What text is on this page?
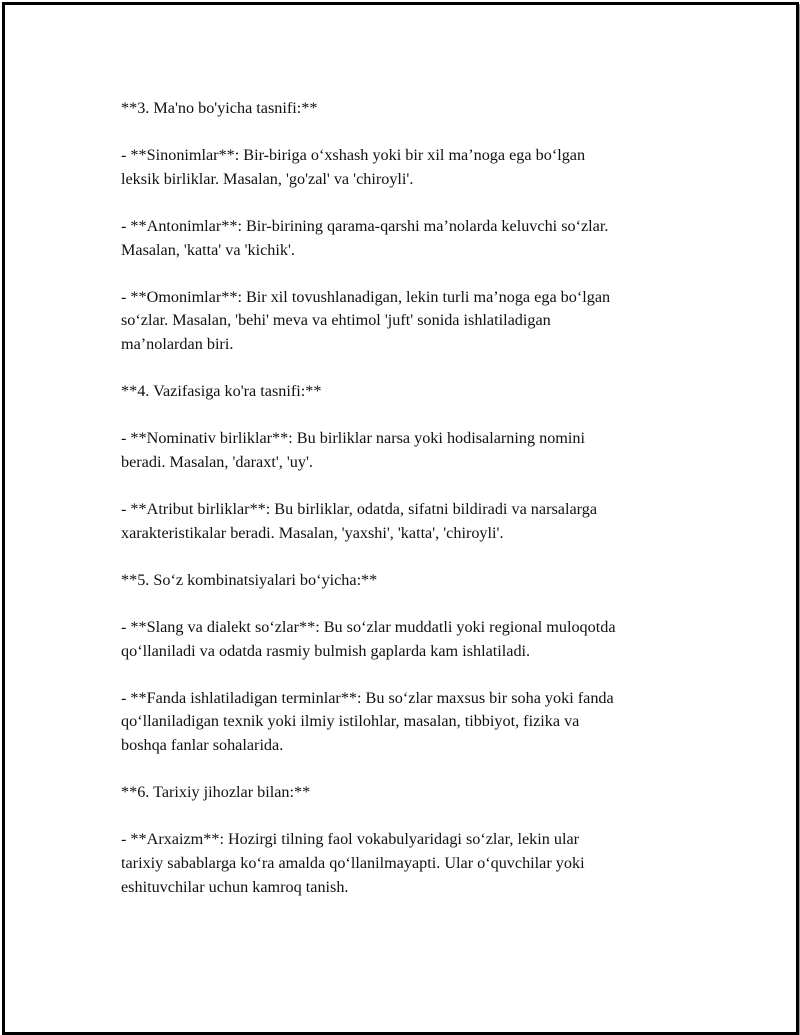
**3. Ma'no bo'yicha tasnifi:**

- **Sinonimlar**: Bir-biriga o‘xshash yoki bir xil ma’noga ega bo‘lgan
leksik birliklar. Masalan, 'go'zal' va 'chiroyli'.

- **Antonimlar**: Bir-birining qarama-qarshi ma’nolarda keluvchi so‘zlar.
Masalan, 'katta' va 'kichik'.

- **Omonimlar**: Bir xil tovushlanadigan, lekin turli ma’noga ega bo‘lgan
so‘zlar. Masalan, 'behi' meva va ehtimol 'juft' sonida ishlatiladigan
ma’nolardan biri.

**4. Vazifasiga ko'ra tasnifi:**

- **Nominativ birliklar**: Bu birliklar narsa yoki hodisalarning nomini
beradi. Masalan, 'daraxt', 'uy'.

- **Atribut birliklar**: Bu birliklar, odatda, sifatni bildiradi va narsalarga
xarakteristikalar beradi. Masalan, 'yaxshi', 'katta', 'chiroyli'.

**5. So‘z kombinatsiyalari bo‘yicha:**

- **Slang va dialekt so‘zlar**: Bu so‘zlar muddatli yoki regional muloqotda
qo‘llaniladi va odatda rasmiy bulmish gaplarda kam ishlatiladi.

- **Fanda ishlatiladigan terminlar**: Bu so‘zlar maxsus bir soha yoki fanda
qo‘llaniladigan texnik yoki ilmiy istilohlar, masalan, tibbiyot, fizika va
boshqa fanlar sohalarida.

**6. Tarixiy jihozlar bilan:**

- **Arxaizm**: Hozirgi tilning faol vokabulyaridagi so‘zlar, lekin ular
tarixiy sabablarga ko‘ra amalda qo‘llanilmayapti. Ular o‘quvchilar yoki
eshituvchilar uchun kamroq tanish.
